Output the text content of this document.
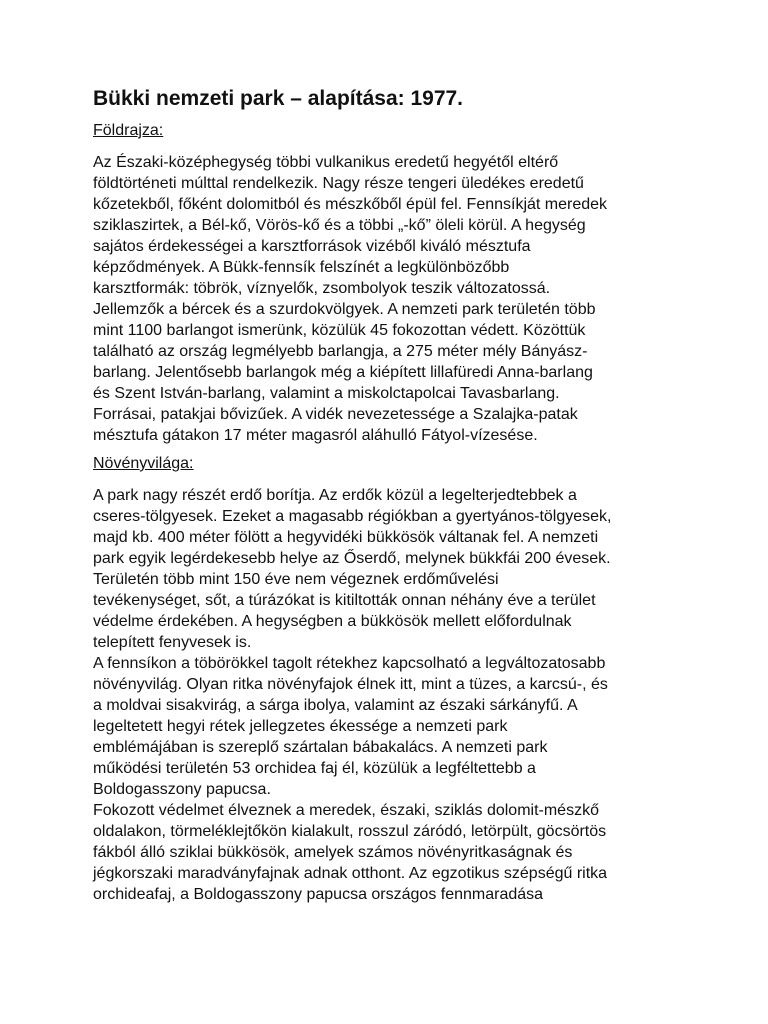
Bükki nemzeti park – alapítása: 1977.
Földrajza:

Az Északi-középhegység többi vulkanikus eredetű hegyétől eltérő
földtörténeti múlttal rendelkezik. Nagy része tengeri üledékes eredetű
kőzetekből, főként dolomitból és mészkőből épül fel. Fennsíkját meredek
sziklaszirtek, a Bél-kő, Vörös-kő és a többi „-kő” öleli körül. A hegység
sajátos érdekességei a karsztforrások vizéből kiváló mésztufa
képződmények. A Bükk-fennsík felszínét a legkülönbözőbb
karsztformák: töbrök, víznyelők, zsombolyok teszik változatossá.
Jellemzők a bércek és a szurdokvölgyek. A nemzeti park területén több
mint 1100 barlangot ismerünk, közülük 45 fokozottan védett. Közöttük
található az ország legmélyebb barlangja, a 275 méter mély Bányász-
barlang. Jelentősebb barlangok még a kiépített lillafüredi Anna-barlang
és Szent István-barlang, valamint a miskolctapolcai Tavasbarlang.
Forrásai, patakjai bővizűek. A vidék nevezetessége a Szalajka-patak
mésztufa gátakon 17 méter magasról aláhulló Fátyol-vízesése.

Növényvilága:

A park nagy részét erdő borítja. Az erdők közül a legelterjedtebbek a
cseres-tölgyesek. Ezeket a magasabb régiókban a gyertyános-tölgyesek,
majd kb. 400 méter fölött a hegyvidéki bükkösök váltanak fel. A nemzeti
park egyik legérdekesebb helye az Őserdő, melynek bükkfái 200 évesek.
Területén több mint 150 éve nem végeznek erdőművelési
tevékenységet, sőt, a túrázókat is kitiltották onnan néhány éve a terület
védelme érdekében. A hegységben a bükkösök mellett előfordulnak
telepített fenyvesek is.

A fennsíkon a töbörökkel tagolt rétekhez kapcsolható a legváltozatosabb
növényvilág. Olyan ritka növényfajok élnek itt, mint a tüzes, a karcsú-, és
a moldvai sisakvirág, a sárga ibolya, valamint az északi sárkányfű. A
legeltetett hegyi rétek jellegzetes ékessége a nemzeti park
emblémájában is szereplő szártalan bábakalács. A nemzeti park
működési területén 53 orchidea faj él, közülük a legféltettebb a
Boldogasszony papucsa.

Fokozott védelmet élveznek a meredek, északi, sziklás dolomit-mészkő
oldalakon, törmeléklejtőkön kialakult, rosszul záródó, letörpült, göcsörtös
fákból álló sziklai bükkösök, amelyek számos növényritkaságnak és
jégkorszaki maradványfajnak adnak otthont. Az egzotikus szépségű ritka
orchideafaj, a Boldogasszony papucsa országos fennmaradása
